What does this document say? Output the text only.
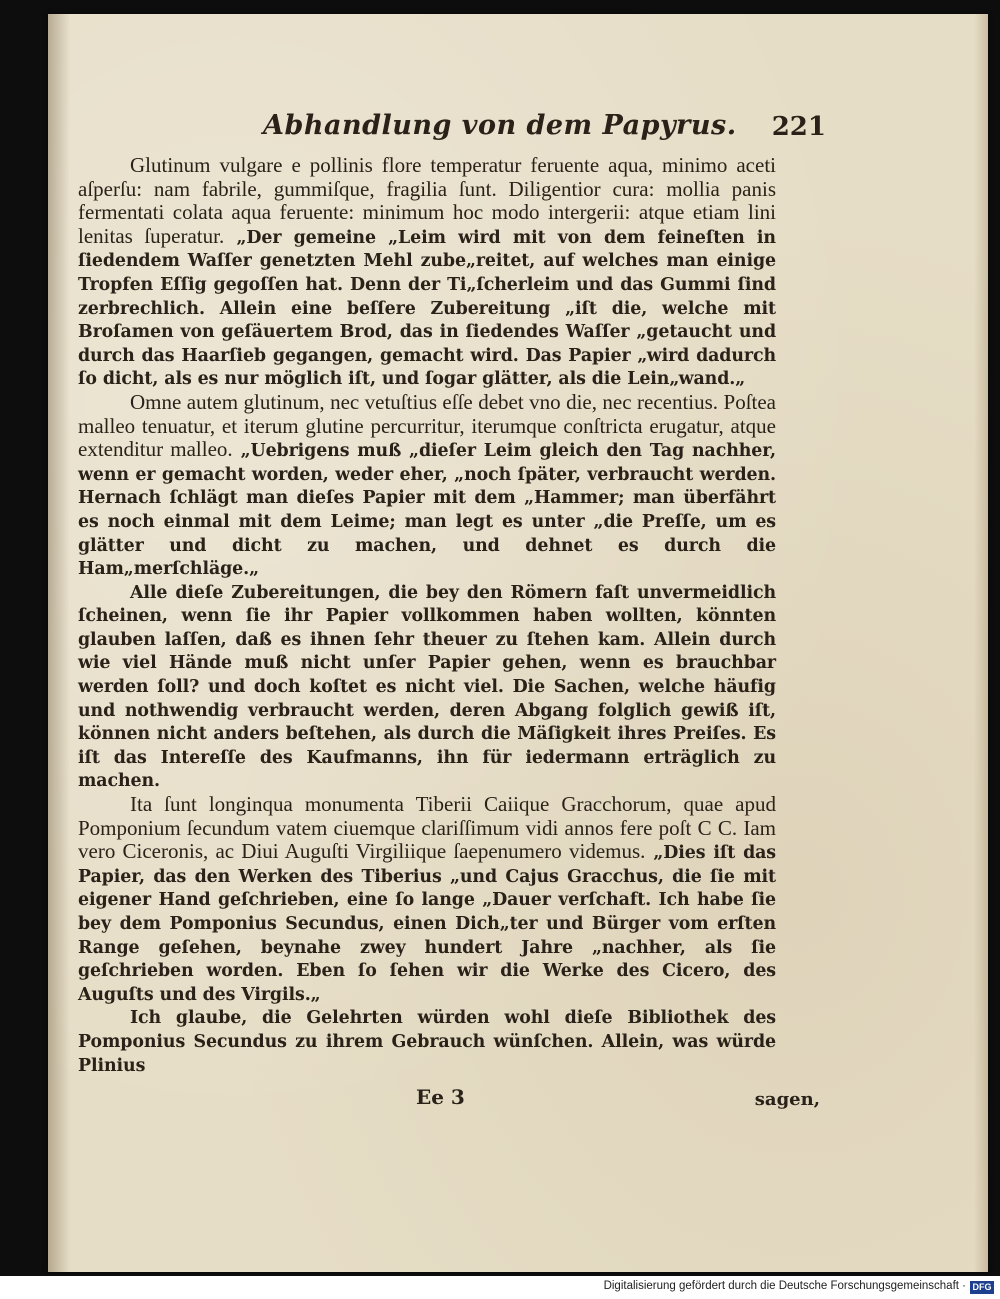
Abhandlung von dem Papyrus. 221

Glutinum vulgare e pollinis flore temperatur feruente aqua, minimo aceti aſperſu: nam fabrile, gummiſque, fragilia ſunt. Diligentior cura: mollia panis fermentati colata aqua feruente: minimum hoc modo intergerii: atque etiam lini lenitas ſuperatur. „Der gemeine „Leim wird mit von dem feineſten in ſiedendem Waſſer genetzten Mehl zube„reitet, auf welches man einige Tropfen Eſſig gegoſſen hat. Denn der Ti„ſcherleim und das Gummi ſind zerbrechlich. Allein eine beſſere Zubereitung „iſt die, welche mit Broſamen von geſäuertem Brod, das in ſiedendes Waſſer „getaucht und durch das Haarſieb gegangen, gemacht wird. Das Papier „wird dadurch ſo dicht, als es nur möglich iſt, und ſogar glätter, als die Lein„wand.„

Omne autem glutinum, nec vetuſtius eſſe debet vno die, nec recentius. Poſtea malleo tenuatur, et iterum glutine percurritur, iterumque conſtricta erugatur, atque extenditur malleo. „Uebrigens muß „dieſer Leim gleich den Tag nachher, wenn er gemacht worden, weder eher, „noch ſpäter, verbraucht werden. Hernach ſchlägt man dieſes Papier mit dem „Hammer; man überfährt es noch einmal mit dem Leime; man legt es unter „die Preſſe, um es glätter und dicht zu machen, und dehnet es durch die Ham„merſchläge.„

Alle dieſe Zubereitungen, die bey den Römern faſt unvermeidlich ſcheinen, wenn ſie ihr Papier vollkommen haben wollten, könnten glauben laſſen, daß es ihnen ſehr theuer zu ſtehen kam. Allein durch wie viel Hände muß nicht unſer Papier gehen, wenn es brauchbar werden ſoll? und doch koſtet es nicht viel. Die Sachen, welche häufig und nothwendig verbraucht werden, deren Abgang folglich gewiß iſt, können nicht anders beſtehen, als durch die Mäſigkeit ihres Preiſes. Es iſt das Intereſſe des Kaufmanns, ihn für iedermann erträglich zu machen.

Ita ſunt longinqua monumenta Tiberii Caiique Gracchorum, quae apud Pomponium ſecundum vatem ciuemque clariſſimum vidi annos fere poſt C C. Iam vero Ciceronis, ac Diui Auguſti Virgiliique ſaepenumero videmus. „Dies iſt das Papier, das den Werken des Tiberius „und Cajus Gracchus, die ſie mit eigener Hand geſchrieben, eine ſo lange „Dauer verſchaft. Ich habe ſie bey dem Pomponius Secundus, einen Dich„ter und Bürger vom erſten Range geſehen, beynahe zwey hundert Jahre „nachher, als ſie geſchrieben worden. Eben ſo ſehen wir die Werke des Cicero, des Auguſts und des Virgils.„

Ich glaube, die Gelehrten würden wohl dieſe Bibliothek des Pomponius Secundus zu ihrem Gebrauch wünſchen. Allein, was würde Plinius

Ee 3	sagen,
Digitalisierung gefördert durch die Deutsche Forschungsgemeinschaft · DFG
